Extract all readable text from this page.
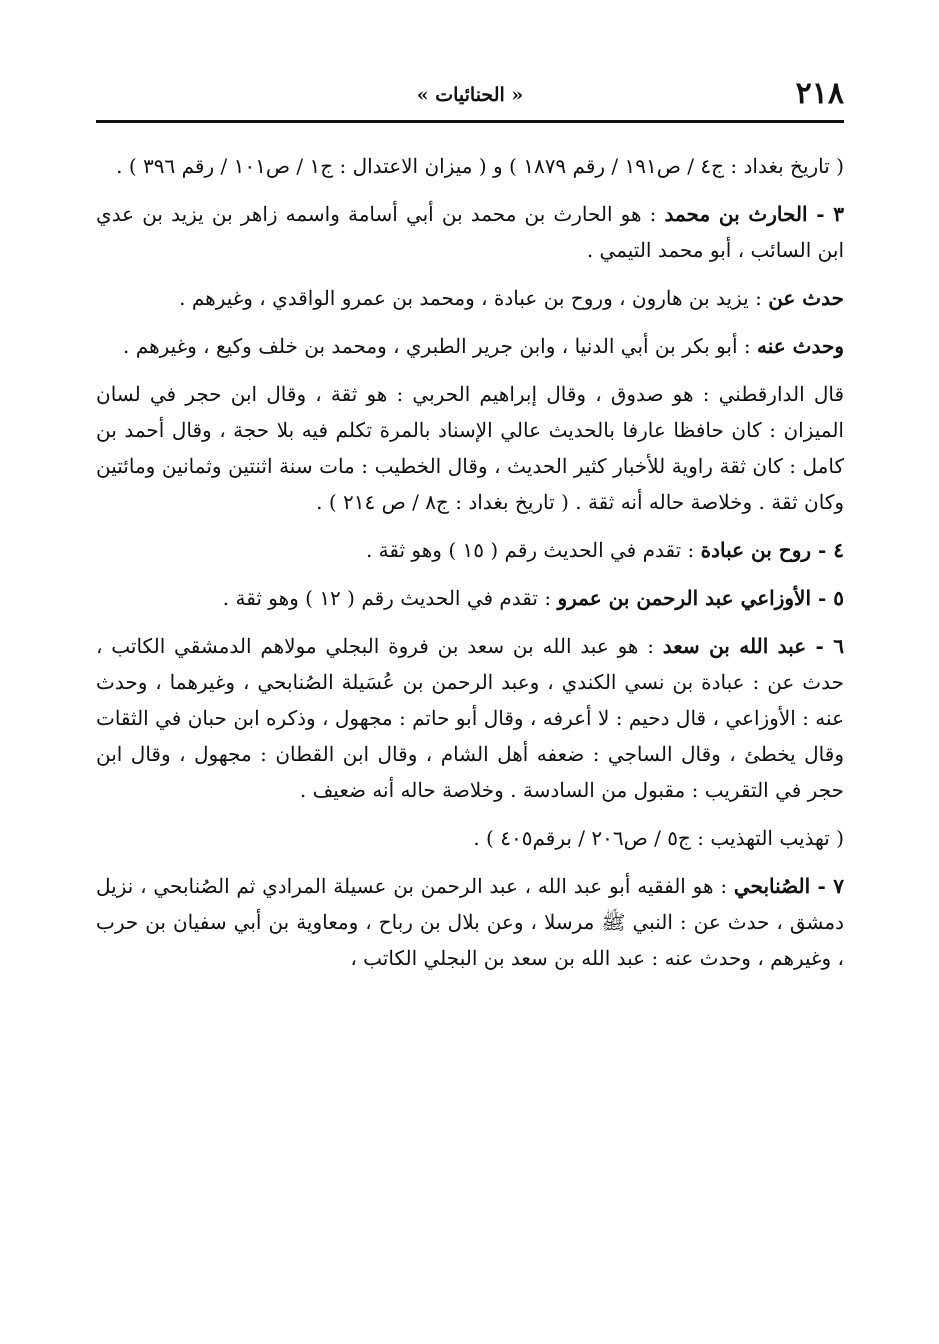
٢١٨
« الحنائيات »

( تاريخ بغداد : ج٤ / ص١٩١ / رقم ١٨٧٩ ) و ( ميزان الاعتدال : ج١ / ص١٠١ / رقم ٣٩٦ ) .

٣ - الحارث بن محمد : هو الحارث بن محمد بن أبي أسامة واسمه زاهر بن يزيد بن عدي ابن السائب ، أبو محمد التيمي .

حدث عن : يزيد بن هارون ، وروح بن عبادة ، ومحمد بن عمرو الواقدي ، وغيرهم .

وحدث عنه : أبو بكر بن أبي الدنيا ، وابن جرير الطبري ، ومحمد بن خلف وكيع ، وغيرهم .

قال الدارقطني : هو صدوق ، وقال إبراهيم الحربي : هو ثقة ، وقال ابن حجر في لسان الميزان : كان حافظا عارفا بالحديث عالي الإسناد بالمرة تكلم فيه بلا حجة ، وقال أحمد بن كامل : كان ثقة راوية للأخبار كثير الحديث ، وقال الخطيب : مات سنة اثنتين وثمانين ومائتين وكان ثقة . وخلاصة حاله أنه ثقة . ( تاريخ بغداد : ج٨ / ص ٢١٤ ) .

٤ - روح بن عبادة : تقدم في الحديث رقم ( ١٥ ) وهو ثقة .

٥ - الأوزاعي عبد الرحمن بن عمرو : تقدم في الحديث رقم ( ١٢ ) وهو ثقة .

٦ - عبد الله بن سعد : هو عبد الله بن سعد بن فروة البجلي مولاهم الدمشقي الكاتب ، حدث عن : عبادة بن نسي الكندي ، وعبد الرحمن بن عُسَيلة الصُنابحي ، وغيرهما ، وحدث عنه : الأوزاعي ، قال دحيم : لا أعرفه ، وقال أبو حاتم : مجهول ، وذكره ابن حبان في الثقات وقال يخطئ ، وقال الساجي : ضعفه أهل الشام ، وقال ابن القطان : مجهول ، وقال ابن حجر في التقريب : مقبول من السادسة . وخلاصة حاله أنه ضعيف .

( تهذيب التهذيب : ج٥ / ص٢٠٦ / برقم٤٠٥ ) .

٧ - الصُنابحي : هو الفقيه أبو عبد الله ، عبد الرحمن بن عسيلة المرادي ثم الصُنابحي ، نزيل دمشق ، حدث عن : النبي ﷺ مرسلا ، وعن بلال بن رباح ، ومعاوية بن أبي سفيان بن حرب ، وغيرهم ، وحدث عنه : عبد الله بن سعد بن البجلي الكاتب ،
